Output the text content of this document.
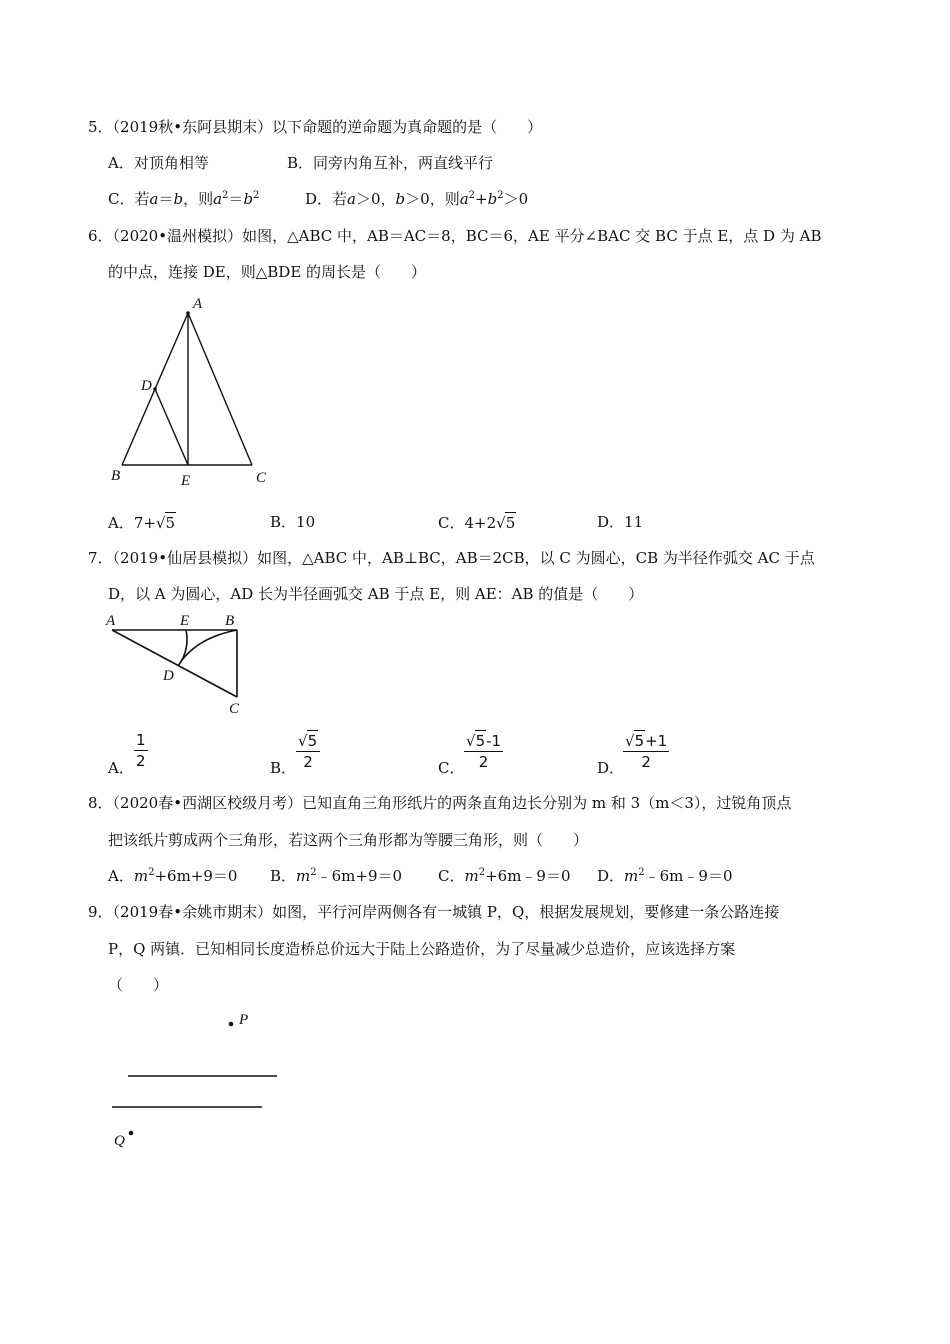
5．（2019秋•东阿县期末）以下命题的逆命题为真命题的是（　　）
A．对顶角相等	B．同旁内角互补，两直线平行
C．若a＝b，则$a^2=b^2$	D．若a＞0，b＞0，则$a^2+b^2>0$
6．（2020•温州模拟）如图，△ABC 中，AB＝AC＝8，BC＝6，AE 平分∠BAC 交 BC 于点 E，点 D 为 AB
的中点，连接 DE，则△BDE 的周长是（　　）
A
D
B	E	C
A．7+√5	B．10	C．4+2√5	D．11
7．（2019•仙居县模拟）如图，△ABC 中，AB⊥BC，AB＝2CB，以 C 为圆心，CB 为半径作弧交 AC 于点
D，以 A 为圆心，AD 长为半径画弧交 AB 于点 E，则 AE：AB 的值是（　　）
A	E B
D
C
A． $\frac{1}{2}$	B． $\frac{√5}{2}$	C． $\frac{√5-1}{2}$	D．
$\frac{√5+1}{2}$
8．（2020春•西湖区校级月考）已知直角三角形纸片的两条直角边长分别为 m 和 3（m＜3），过锐角顶点
把该纸片剪成两个三角形，若这两个三角形都为等腰三角形，则（　　）
A．$m^2+6m+9=0$ B．$m^2﹣6m+9=0$ C．$m^2+6m﹣9=0$ D．$m^2﹣6m﹣9=0$
9．（2019春•余姚市期末）如图，平行河岸两侧各有一城镇 P，Q，根据发展规划，要修建一条公路连接
P，Q 两镇．已知相同长度造桥总价远大于陆上公路造价，为了尽量减少总造价，应该选择方案
（　　）
P
Q
